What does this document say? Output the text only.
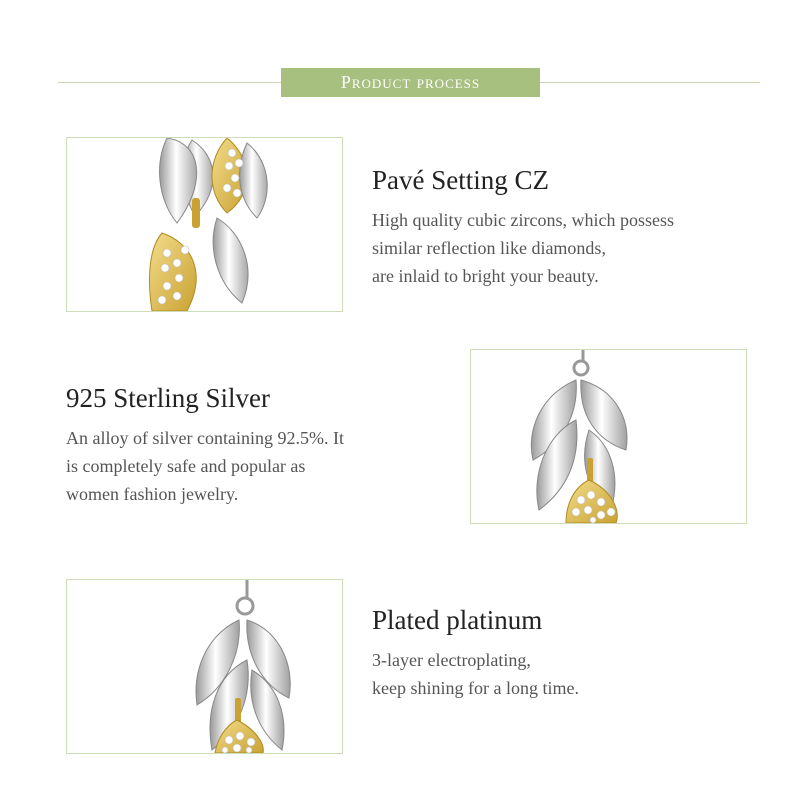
Product process
Pavé Setting CZ
High quality cubic zircons, which possess
similar reflection like diamonds,
are inlaid to bright your beauty.
925 Sterling Silver
An alloy of silver containing 92.5%. It
is completely safe and popular as
women fashion jewelry.
Plated platinum
3-layer electroplating,
keep shining for a long time.
